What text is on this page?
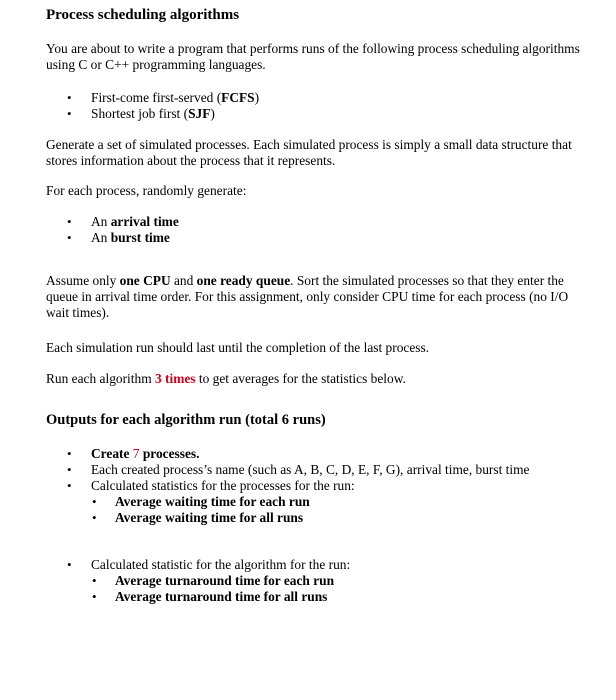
Process scheduling algorithms

You are about to write a program that performs runs of the following process scheduling algorithms using C or C++ programming languages.

• First-come first-served (FCFS)
• Shortest job first (SJF)

Generate a set of simulated processes. Each simulated process is simply a small data structure that stores information about the process that it represents.

For each process, randomly generate:

• An arrival time
• An burst time

Assume only one CPU and one ready queue. Sort the simulated processes so that they enter the queue in arrival time order. For this assignment, only consider CPU time for each process (no I/O wait times).

Each simulation run should last until the completion of the last process.

Run each algorithm 3 times to get averages for the statistics below.

Outputs for each algorithm run (total 6 runs)
• Create 7 processes.
• Each created process’s name (such as A, B, C, D, E, F, G), arrival time, burst time
• Calculated statistics for the processes for the run:
• Average waiting time for each run
• Average waiting time for all runs
• Calculated statistic for the algorithm for the run:
• Average turnaround time for each run
• Average turnaround time for all runs
